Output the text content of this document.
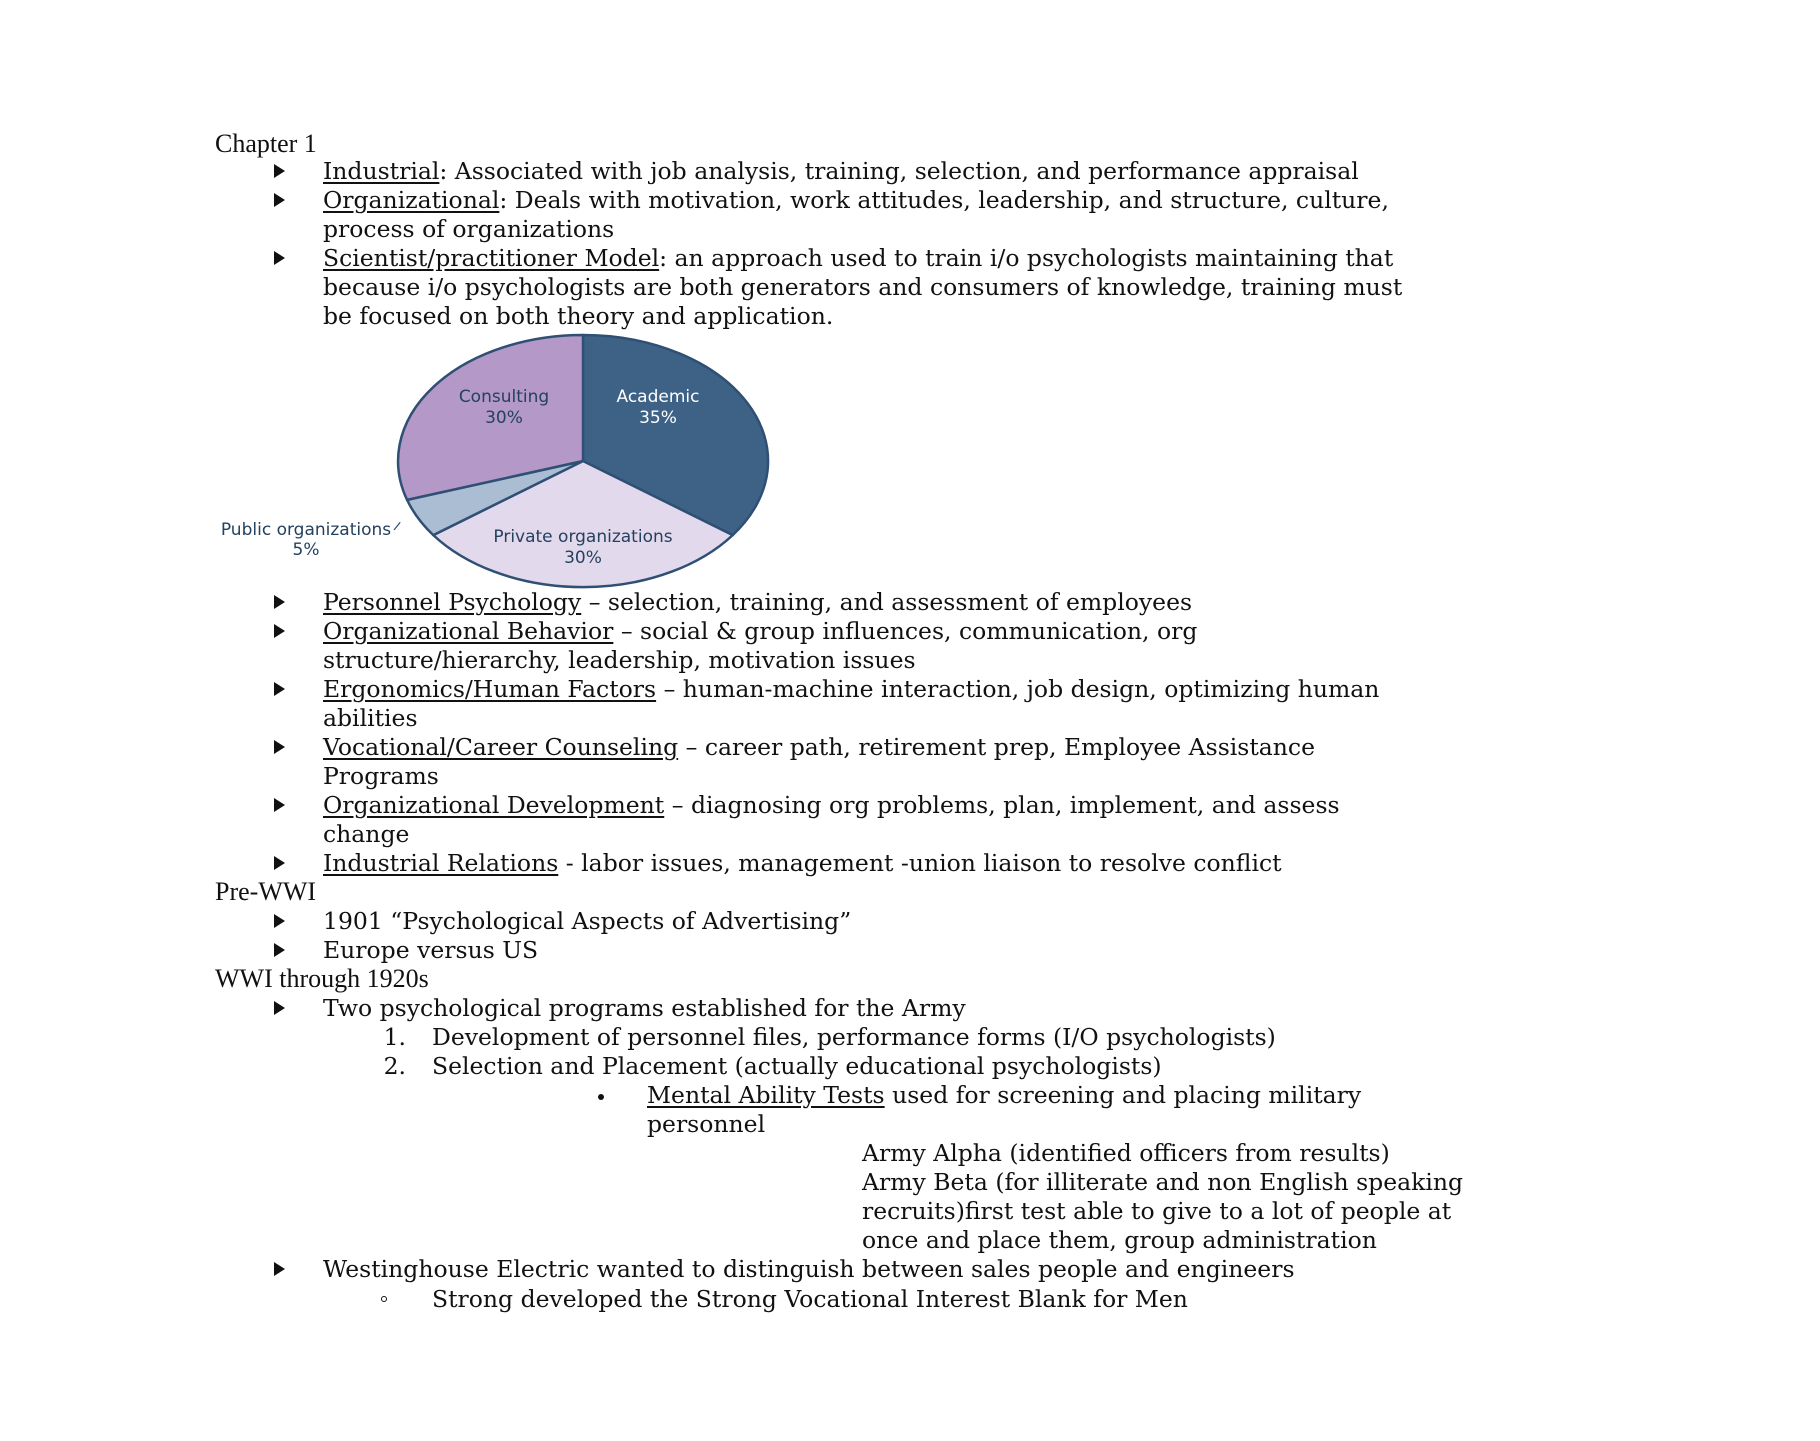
Chapter 1
Industrial: Associated with job analysis, training, selection, and performance appraisal
Organizational: Deals with motivation, work attitudes, leadership, and structure, culture,
process of organizations
Scientist/practitioner Model: an approach used to train i/o psychologists maintaining that
because i/o psychologists are both generators and consumers of knowledge, training must
be focused on both theory and application.
Academic
35%
Private organizations
30%
Public organizations
5%
Consulting
30%
Personnel Psychology – selection, training, and assessment of employees
Organizational Behavior – social & group influences, communication, org
structure/hierarchy, leadership, motivation issues
Ergonomics/Human Factors – human-machine interaction, job design, optimizing human
abilities
Vocational/Career Counseling – career path, retirement prep, Employee Assistance
Programs
Organizational Development – diagnosing org problems, plan, implement, and assess
change
Industrial Relations - labor issues, management -union liaison to resolve conflict
Pre-WWI
1901 “Psychological Aspects of Advertising”
Europe versus US
WWI through 1920s
Two psychological programs established for the Army
1. Development of personnel files, performance forms (I/O psychologists)
2. Selection and Placement (actually educational psychologists)
Mental Ability Tests used for screening and placing military
personnel
Army Alpha (identified officers from results)
Army Beta (for illiterate and non English speaking
recruits)first test able to give to a lot of people at
once and place them, group administration
Westinghouse Electric wanted to distinguish between sales people and engineers
Strong developed the Strong Vocational Interest Blank for Men
